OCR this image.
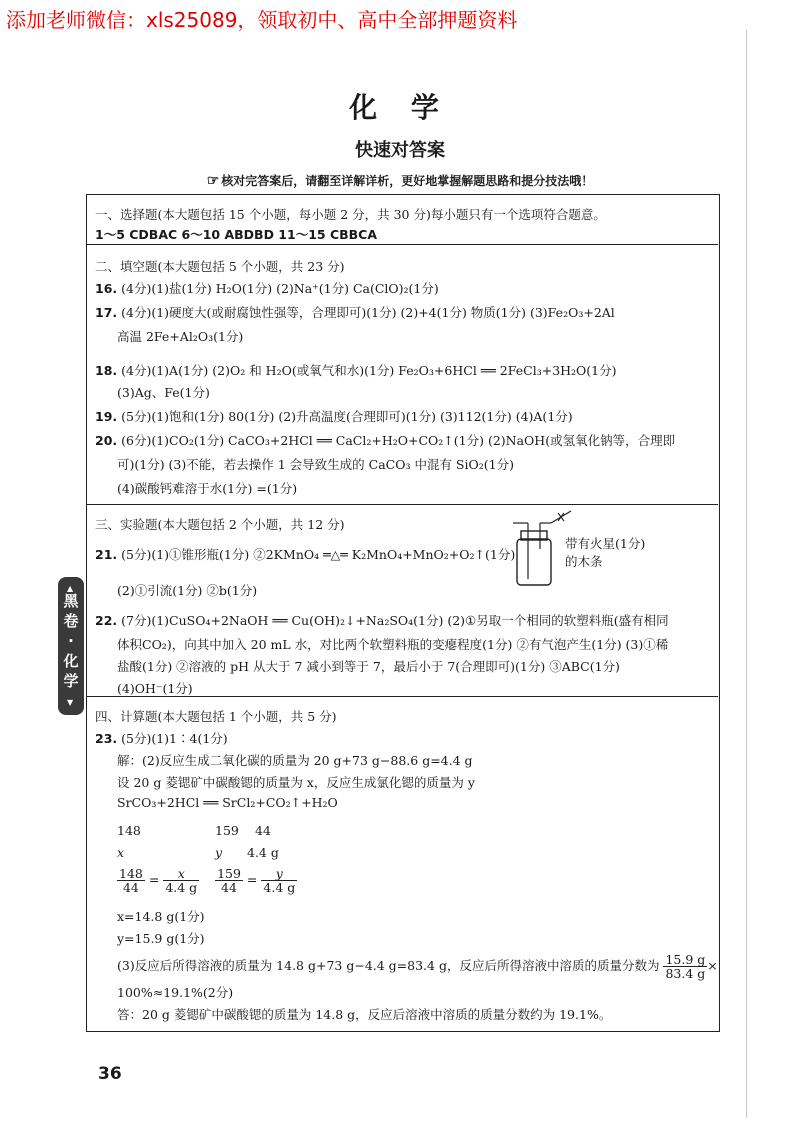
添加老师微信：xls25089，领取初中、高中全部押题资料
化 学
快速对答案
☞ 核对完答案后，请翻至详解详析，更好地掌握解题思路和提分技法哦！
▲
黑
卷
·
化
学
▼
一、选择题(本大题包括 15 个小题，每小题 2 分，共 30 分)每小题只有一个选项符合题意。
1～5 CDBAC 6～10 ABDBD 11～15 CBBCA
二、填空题(本大题包括 5 个小题，共 23 分)
16. (4分)(1)盐(1分) H₂O(1分) (2)Na⁺(1分) Ca(ClO)₂(1分)
17. (4分)(1)硬度大(或耐腐蚀性强等，合理即可)(1分) (2)+4(1分) 物质(1分) (3)Fe₂O₃+2Al
高温 2Fe+Al₂O₃(1分)
18. (4分)(1)A(1分) (2)O₂ 和 H₂O(或氧气和水)(1分) Fe₂O₃+6HCl ══ 2FeCl₃+3H₂O(1分)
(3)Ag、Fe(1分)
19. (5分)(1)饱和(1分) 80(1分) (2)升高温度(合理即可)(1分) (3)112(1分) (4)A(1分)
20. (6分)(1)CO₂(1分) CaCO₃+2HCl ══ CaCl₂+H₂O+CO₂↑(1分) (2)NaOH(或氢氧化钠等，合理即
可)(1分) (3)不能，若去操作 1 会导致生成的 CaCO₃ 中混有 SiO₂(1分)
(4)碳酸钙难溶于水(1分) =(1分)
三、实验题(本大题包括 2 个小题，共 12 分)
21. (5分)(1)①锥形瓶(1分) ②2KMnO₄ ═△═ K₂MnO₄+MnO₂+O₂↑(1分)
(2)①引流(1分) ②b(1分)
带有火星(1分)
的木条
22. (7分)(1)CuSO₄+2NaOH ══ Cu(OH)₂↓+Na₂SO₄(1分) (2)①另取一个相同的软塑料瓶(盛有相同
体积CO₂)，向其中加入 20 mL 水，对比两个软塑料瓶的变瘪程度(1分) ②有气泡产生(1分) (3)①稀
盐酸(1分) ②溶液的 pH 从大于 7 减小到等于 7，最后小于 7(合理即可)(1分) ③ABC(1分)
(4)OH⁻(1分)
四、计算题(本大题包括 1 个小题，共 5 分)
23. (5分)(1)1∶4(1分)
解：(2)反应生成二氧化碳的质量为 20 g+73 g−88.6 g=4.4 g
设 20 g 菱锶矿中碳酸锶的质量为 x，反应生成氯化锶的质量为 y
SrCO₃+2HCl ══ SrCl₂+CO₂↑+H₂O
148	159 44
x	y 4.4 g
$\frac{148}{44} = \frac{x}{4.4 g}$
$\frac{159}{44} = \frac{y}{4.4 g}$
x=14.8 g(1分)
y=15.9 g(1分)
(3)反应后所得溶液的质量为 14.8 g+73 g−4.4 g=83.4 g，反应后所得溶液中溶质的质量分数为 $\frac{15.9 g}{83.4 g}$ ×
100%≈19.1%(2分)
答：20 g 菱锶矿中碳酸锶的质量为 14.8 g，反应后溶液中溶质的质量分数约为 19.1%。
36
